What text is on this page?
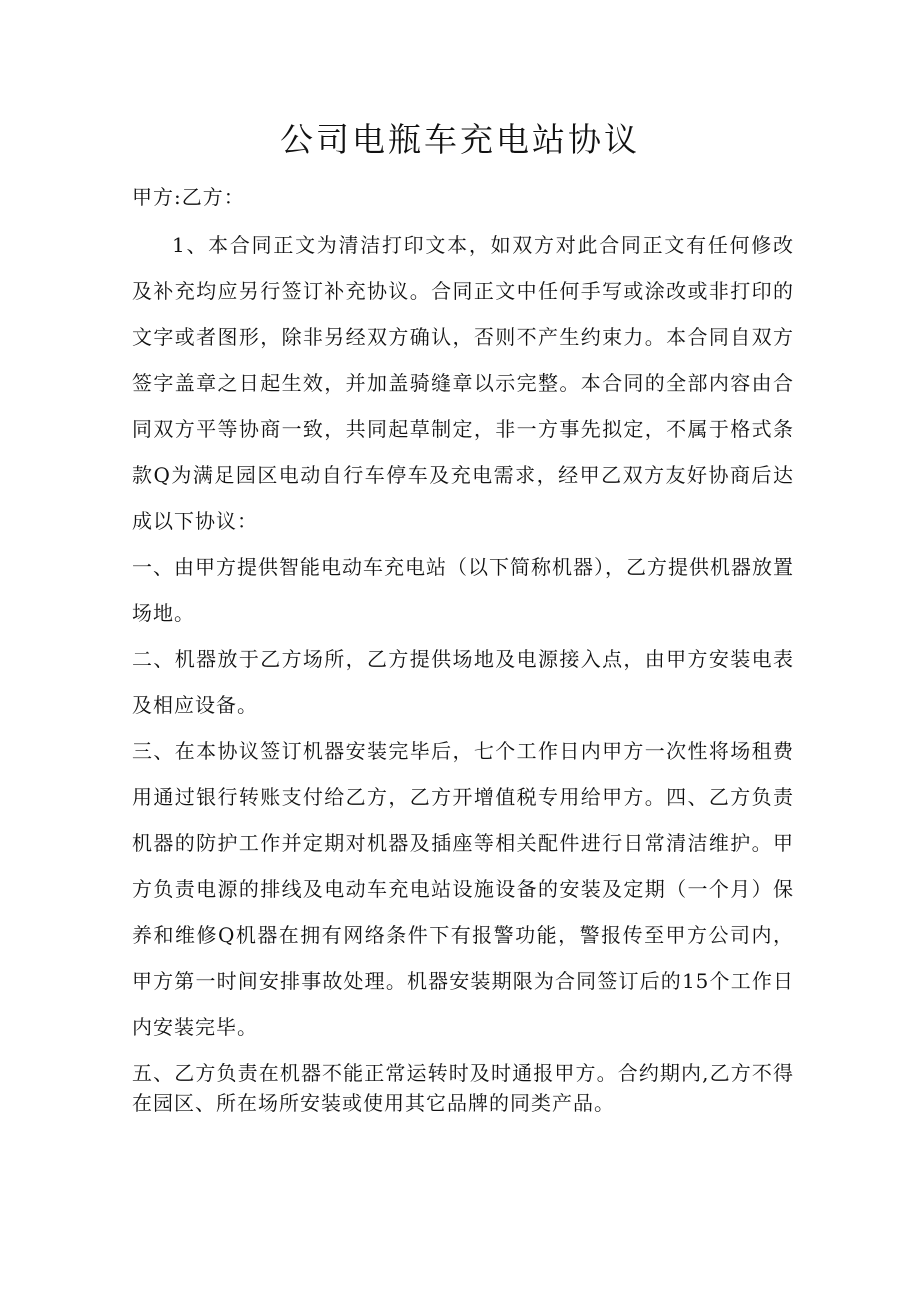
公司电瓶车充电站协议

甲方:乙方：

1、本合同正文为清洁打印文本，如双方对此合同正文有任何修改及补充均应另行签订补充协议。合同正文中任何手写或涂改或非打印的文字或者图形，除非另经双方确认，否则不产生约束力。本合同自双方签字盖章之日起生效，并加盖骑缝章以示完整。本合同的全部内容由合同双方平等协商一致，共同起草制定，非一方事先拟定，不属于格式条款Q为满足园区电动自行车停车及充电需求，经甲乙双方友好协商后达成以下协议：

一、由甲方提供智能电动车充电站（以下简称机器），乙方提供机器放置场地。

二、机器放于乙方场所，乙方提供场地及电源接入点，由甲方安装电表及相应设备。

三、在本协议签订机器安装完毕后，七个工作日内甲方一次性将场租费用通过银行转账支付给乙方，乙方开增值税专用给甲方。四、乙方负责机器的防护工作并定期对机器及插座等相关配件进行日常清洁维护。甲方负责电源的排线及电动车充电站设施设备的安装及定期（一个月）保养和维修Q机器在拥有网络条件下有报警功能，警报传至甲方公司内，甲方第一时间安排事故处理。机器安装期限为合同签订后的15个工作日内安装完毕。

五、乙方负责在机器不能正常运转时及时通报甲方。合约期内,乙方不得在园区、所在场所安装或使用其它品牌的同类产品。
